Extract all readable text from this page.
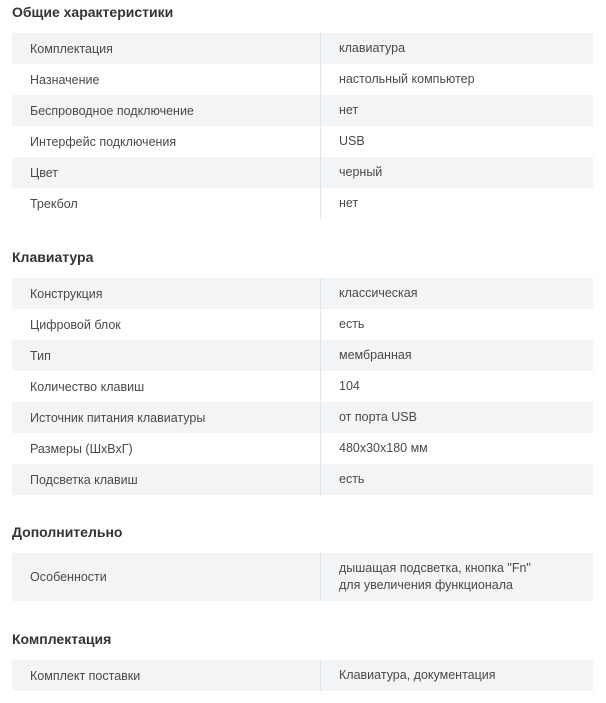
Общие характеристики
Комплектация	клавиатура
Назначение	настольный компьютер
Беспроводное подключение	нет
Интерфейс подключения	USB
Цвет	черный
Трекбол	нет
Клавиатура
Конструкция	классическая
Цифровой блок	есть
Тип	мембранная
Количество клавиш	104
Источник питания клавиатуры	от порта USB
Размеры (ШхВхГ)	480x30x180 мм
Подсветка клавиш	есть
Дополнительно
Особенности	дышащая подсветка, кнопка "Fn" для увеличения функционала
Комплектация
Комплект поставки	Клавиатура, документация
